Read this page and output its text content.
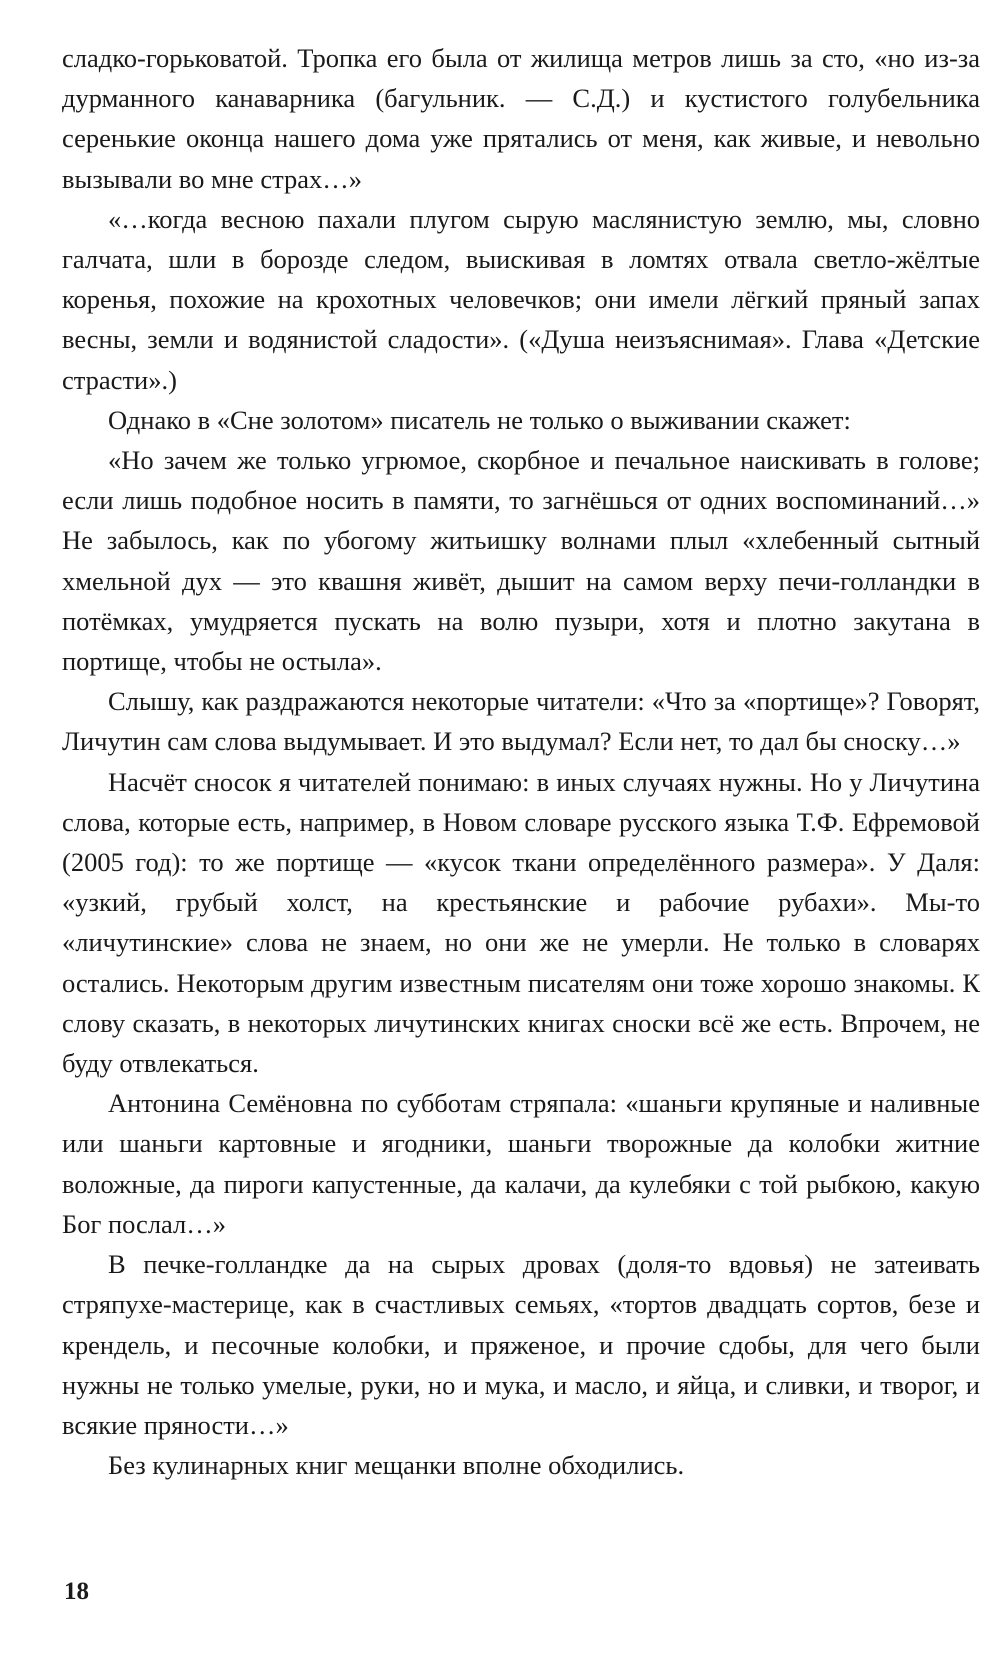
сладко-горьковатой. Тропка его была от жилища метров лишь за сто, «но из-за дурманного канаварника (багульник. — С.Д.) и кустистого голубельника серенькие оконца нашего дома уже прятались от меня, как живые, и невольно вызывали во мне страх…»

«…когда весною пахали плугом сырую маслянистую землю, мы, словно галчата, шли в борозде следом, выискивая в ломтях отвала светло-жёлтые коренья, похожие на крохотных человечков; они имели лёгкий пряный запах весны, земли и водянистой сладости». («Душа неизъяснимая». Глава «Детские страсти».)

Однако в «Сне золотом» писатель не только о выживании скажет:

«Но зачем же только угрюмое, скорбное и печальное наискивать в голове; если лишь подобное носить в памяти, то загнёшься от одних воспоминаний…» Не забылось, как по убогому житьишку волнами плыл «хлебенный сытный хмельной дух — это квашня живёт, дышит на самом верху печи-голландки в потёмках, умудряется пускать на волю пузыри, хотя и плотно закутана в портище, чтобы не остыла».

Слышу, как раздражаются некоторые читатели: «Что за «портище»? Говорят, Личутин сам слова выдумывает. И это выдумал? Если нет, то дал бы сноску…»

Насчёт сносок я читателей понимаю: в иных случаях нужны. Но у Личутина слова, которые есть, например, в Новом словаре русского языка Т.Ф. Ефремовой (2005 год): то же портище — «кусок ткани определённого размера». У Даля: «узкий, грубый холст, на крестьянские и рабочие рубахи». Мы-то «личутинские» слова не знаем, но они же не умерли. Не только в словарях остались. Некоторым другим известным писателям они тоже хорошо знакомы. К слову сказать, в некоторых личутинских книгах сноски всё же есть. Впрочем, не буду отвлекаться.

Антонина Семёновна по субботам стряпала: «шаньги крупяные и наливные или шаньги картовные и ягодники, шаньги творожные да колобки житние воложные, да пироги капустенные, да калачи, да кулебяки с той рыбкою, какую Бог послал…»

В печке-голландке да на сырых дровах (доля-то вдовья) не затеивать стряпухе-мастерице, как в счастливых семьях, «тортов двадцать сортов, безе и крендель, и песочные колобки, и пряженое, и прочие сдобы, для чего были нужны не только умелые, руки, но и мука, и масло, и яйца, и сливки, и творог, и всякие пряности…»

Без кулинарных книг мещанки вполне обходились.

18
